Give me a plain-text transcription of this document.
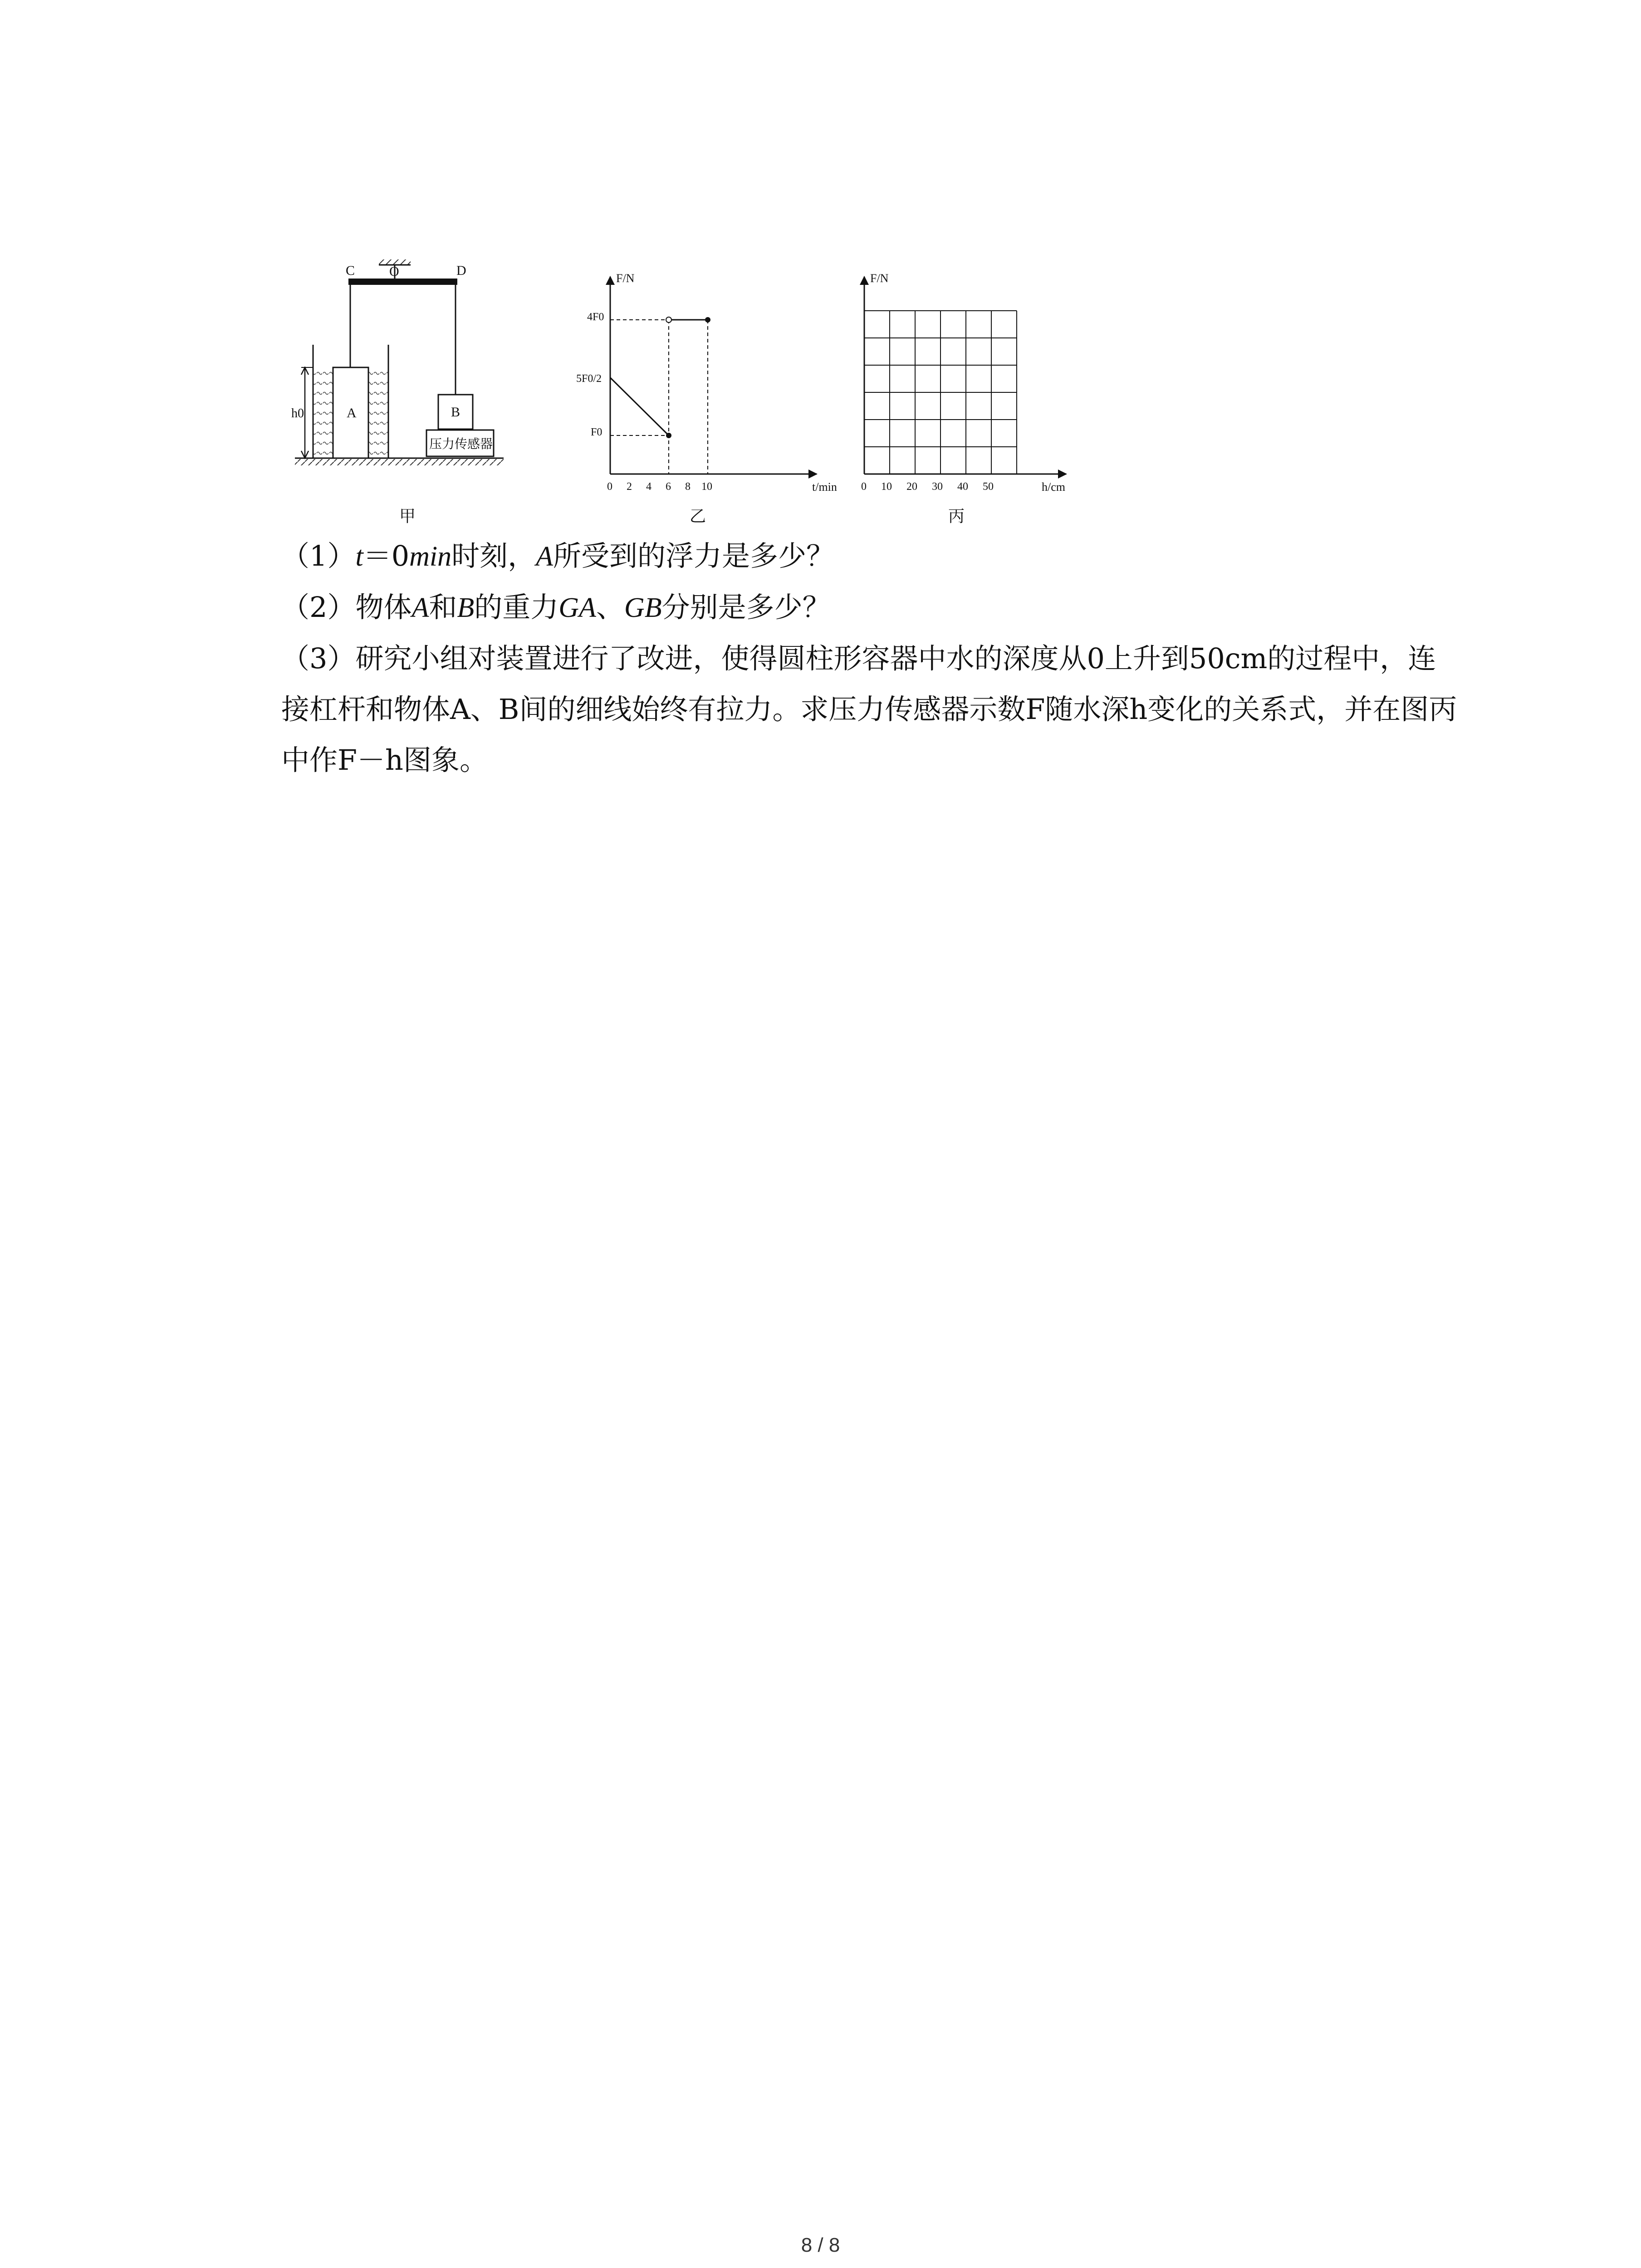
C	O	D
A
h0	B
压力传感器
甲
F/N
t/min
4F0
5F0/2
F0
0 2 4 6 8 10
乙
F/N
h/cm
0 10 20 30 40 50
丙

（1）t＝0min时刻，A所受到的浮力是多少？

（2）物体A和B的重力GA、GB分别是多少？

（3）研究小组对装置进行了改进，使得圆柱形容器中水的深度从0上升到50cm的过程中，连接杠杆和物体A、B间的细线始终有拉力。求压力传感器示数F随水深h变化的关系式，并在图丙中作F－h图象。

8 / 8
